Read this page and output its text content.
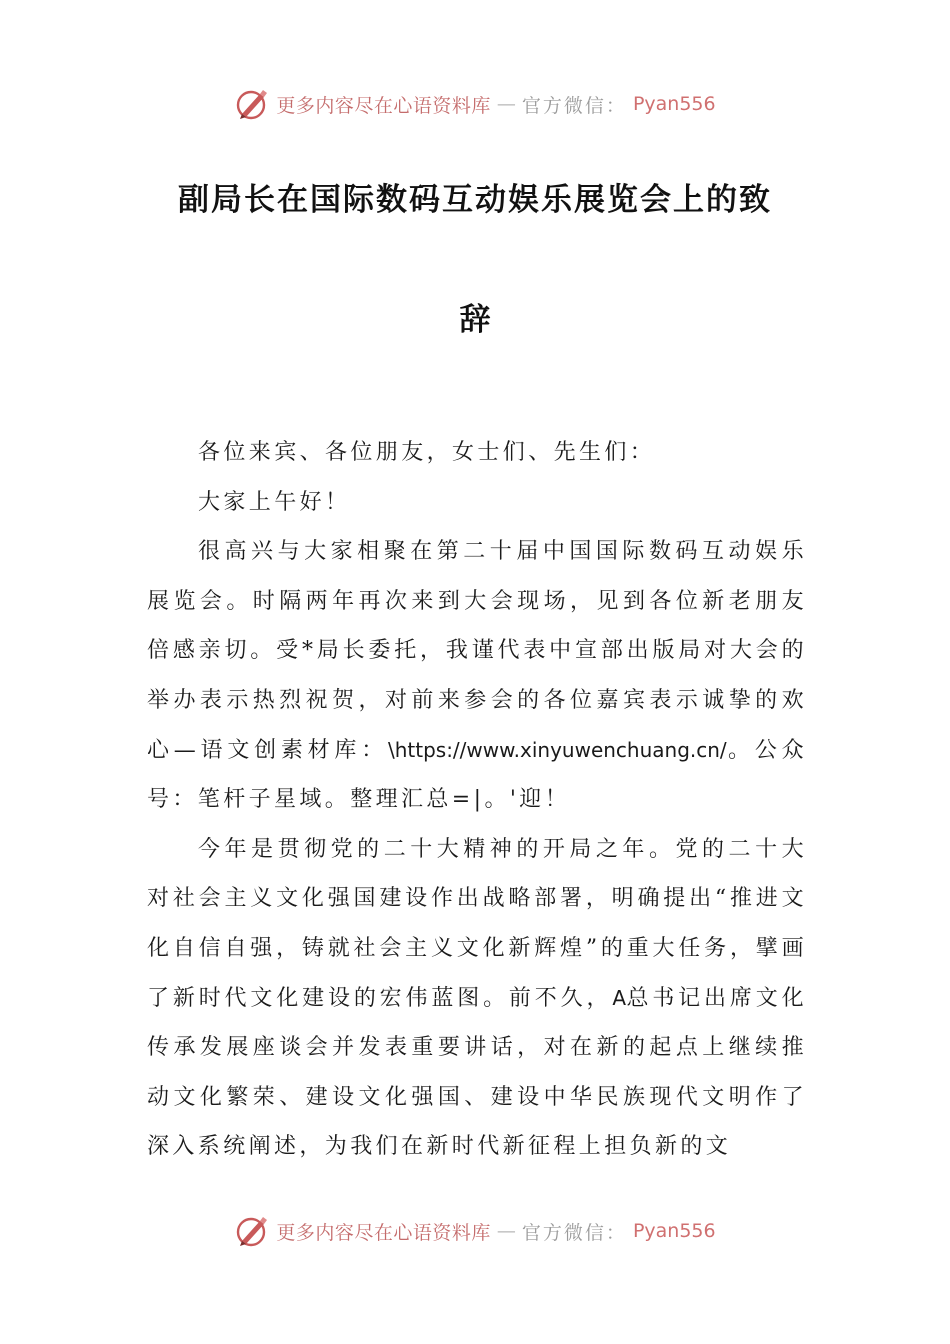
更多内容尽在心语资料库 — 官方微信： Pyan556
副局长在国际数码互动娱乐展览会上的致
辞

各位来宾、各位朋友，女士们、先生们：

大家上午好！

很高兴与大家相聚在第二十届中国国际数码互动娱乐展览会。时隔两年再次来到大会现场，见到各位新老朋友倍感亲切。受*局长委托，我谨代表中宣部出版局对大会的举办表示热烈祝贺，对前来参会的各位嘉宾表示诚挚的欢心—语文创素材库：\https://www.xinyuwenchuang.cn/。公众号：笔杆子星域。整理汇总=|。'迎！

今年是贯彻党的二十大精神的开局之年。党的二十大对社会主义文化强国建设作出战略部署，明确提出“推进文化自信自强，铸就社会主义文化新辉煌”的重大任务，擘画了新时代文化建设的宏伟蓝图。前不久，A总书记出席文化传承发展座谈会并发表重要讲话，对在新的起点上继续推动文化繁荣、建设文化强国、建设中华民族现代文明作了深入系统阐述，为我们在新时代新征程上担负新的文

更多内容尽在心语资料库 — 官方微信： Pyan556
